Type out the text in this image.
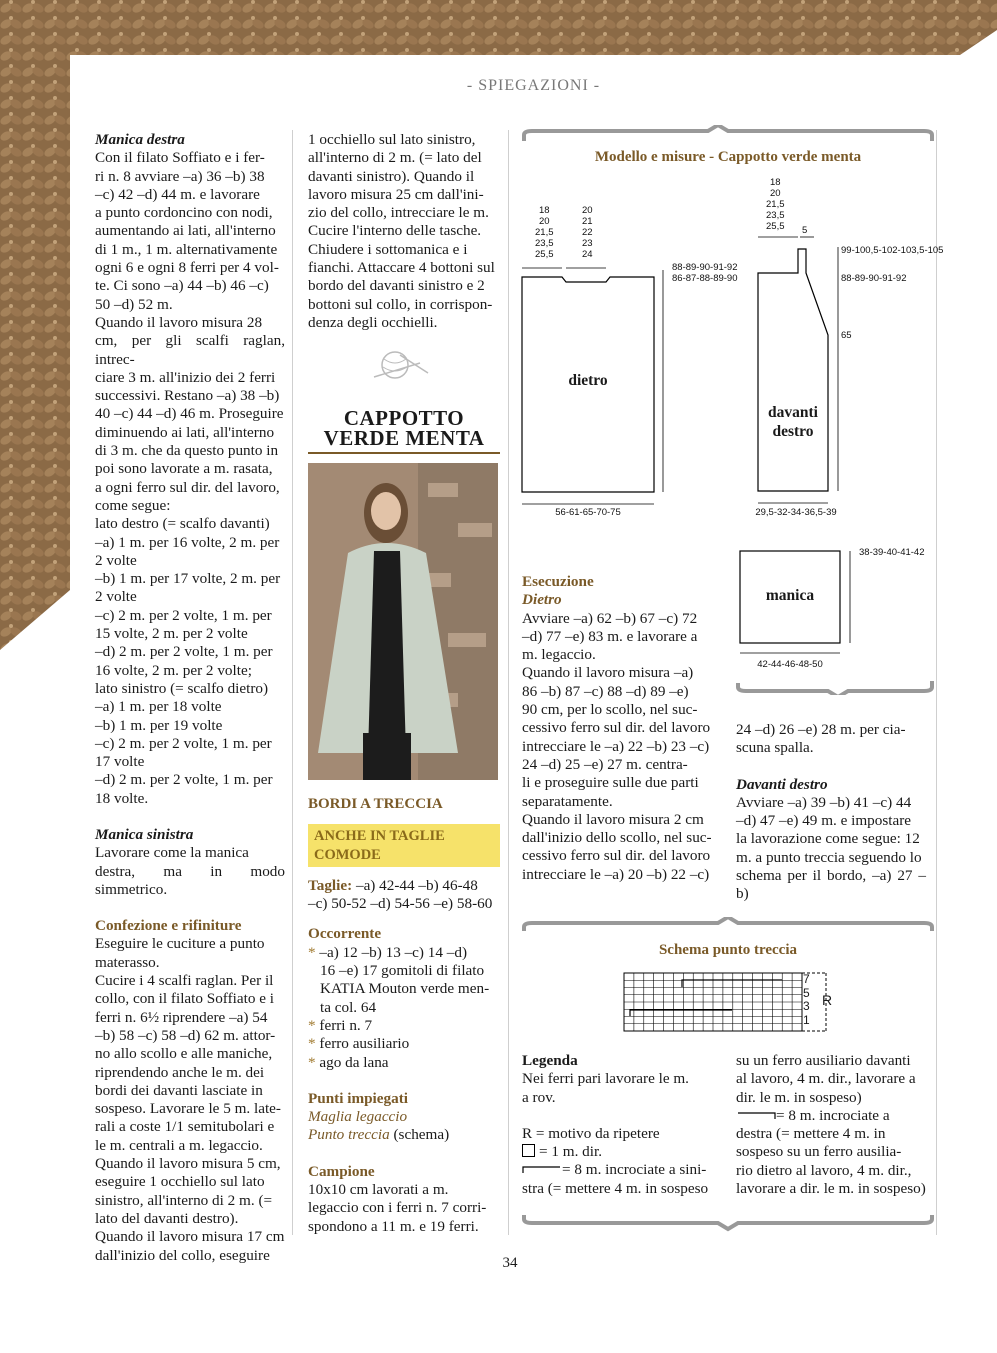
- SPIEGAZIONI -

Manica destra

Con il filato Soffiato e i fer-

ri n. 8 avviare –a) 36 –b) 38

–c) 42 –d) 44 m. e lavorare

a punto cordoncino con nodi,

aumentando ai lati, all'interno

di 1 m., 1 m. alternativamente

ogni 6 e ogni 8 ferri per 4 vol-

te. Ci sono –a) 44 –b) 46 –c)

50 –d) 52 m.

Quando il lavoro misura 28

cm, per gli scalfi raglan, intrec-

ciare 3 m. all'inizio dei 2 ferri

successivi. Restano –a) 38 –b)

40 –c) 44 –d) 46 m. Proseguire

diminuendo ai lati, all'interno

di 3 m. che da questo punto in

poi sono lavorate a m. rasata,

a ogni ferro sul dir. del lavoro,

come segue:

lato destro (= scalfo davanti)

–a) 1 m. per 16 volte, 2 m. per

2 volte

–b) 1 m. per 17 volte, 2 m. per

2 volte

–c) 2 m. per 2 volte, 1 m. per

15 volte, 2 m. per 2 volte

–d) 2 m. per 2 volte, 1 m. per

16 volte, 2 m. per 2 volte;

lato sinistro (= scalfo dietro)

–a) 1 m. per 18 volte

–b) 1 m. per 19 volte

–c) 2 m. per 2 volte, 1 m. per

17 volte

–d) 2 m. per 2 volte, 1 m. per

18 volte.

Manica sinistra

Lavorare come la manica

destra, ma in modo simmetrico.

Confezione e rifiniture

Eseguire le cuciture a punto

materasso.

Cucire i 4 scalfi raglan. Per il

collo, con il filato Soffiato e i

ferri n. 6½ riprendere –a) 54

–b) 58 –c) 58 –d) 62 m. attor-

no allo scollo e alle maniche,

riprendendo anche le m. dei

bordi dei davanti lasciate in

sospeso. Lavorare le 5 m. late-

rali a coste 1/1 semitubolari e

le m. centrali a m. legaccio.

Quando il lavoro misura 5 cm,

eseguire 1 occhiello sul lato

sinistro, all'interno di 2 m. (=

lato del davanti destro).

Quando il lavoro misura 17 cm

dall'inizio del collo, eseguire

1 occhiello sul lato sinistro,

all'interno di 2 m. (= lato del

davanti sinistro). Quando il

lavoro misura 25 cm dall'ini-

zio del collo, intrecciare le m.

Cucire l'interno delle tasche.

Chiudere i sottomanica e i

fianchi. Attaccare 4 bottoni sul

bordo del davanti sinistro e 2

bottoni sul collo, in corrispon-

denza degli occhielli.

CAPPOTTO
VERDE MENTA

BORDI A TRECCIA

ANCHE IN TAGLIE COMODE

Taglie: –a) 42-44 –b) 46-48

–c) 50-52 –d) 54-56 –e) 58-60

Occorrente

* –a) 12 –b) 13 –c) 14 –d)

16 –e) 17 gomitoli di filato

KATIA Mouton verde men-

ta col. 64

* ferri n. 7

* ferro ausiliario

* ago da lana

Punti impiegati

Maglia legaccio

Punto treccia (schema)

Campione

10x10 cm lavorati a m.

legaccio con i ferri n. 7 corri-

spondono a 11 m. e 19 ferri.

Modello e misure - Cappotto verde menta
18
20
21,5
23,5
25,5
20
21
22
23
24
88-89-90-91-92
86-87-88-89-90
dietro
56-61-65-70-75
18
20
21,5
23,5
25,5 5
99-100,5-102-103,5-105
88-89-90-91-92
65
davanti
destro
29,5-32-34-36,5-39
38-39-40-41-42
manica
42-44-46-48-50

Esecuzione

Dietro

Avviare –a) 62 –b) 67 –c) 72

–d) 77 –e) 83 m. e lavorare a

m. legaccio.

Quando il lavoro misura –a)

86 –b) 87 –c) 88 –d) 89 –e)

90 cm, per lo scollo, nel suc-

cessivo ferro sul dir. del lavoro

intrecciare le –a) 22 –b) 23 –c)

24 –d) 25 –e) 27 m. centra-

li e proseguire sulle due parti

separatamente.

Quando il lavoro misura 2 cm

dall'inizio dello scollo, nel suc-

cessivo ferro sul dir. del lavoro

intrecciare le –a) 20 –b) 22 –c)

24 –d) 26 –e) 28 m. per cia-

scuna spalla.

Davanti destro

Avviare –a) 39 –b) 41 –c) 44

–d) 47 –e) 49 m. e impostare

la lavorazione come segue: 12

m. a punto treccia seguendo lo

schema per il bordo, –a) 27 –b)

Schema punto treccia
7
5
3
1
R

Legenda

Nei ferri pari lavorare le m.

a rov.

R = motivo da ripetere

= 1 m. dir.

= 8 m. incrociate a sini-

stra (= mettere 4 m. in sospeso

su un ferro ausiliario davanti

al lavoro, 4 m. dir., lavorare a

dir. le m. in sospeso)

= 8 m. incrociate a

destra (= mettere 4 m. in

sospeso su un ferro ausilia-

rio dietro al lavoro, 4 m. dir.,

lavorare a dir. le m. in sospeso)

34
